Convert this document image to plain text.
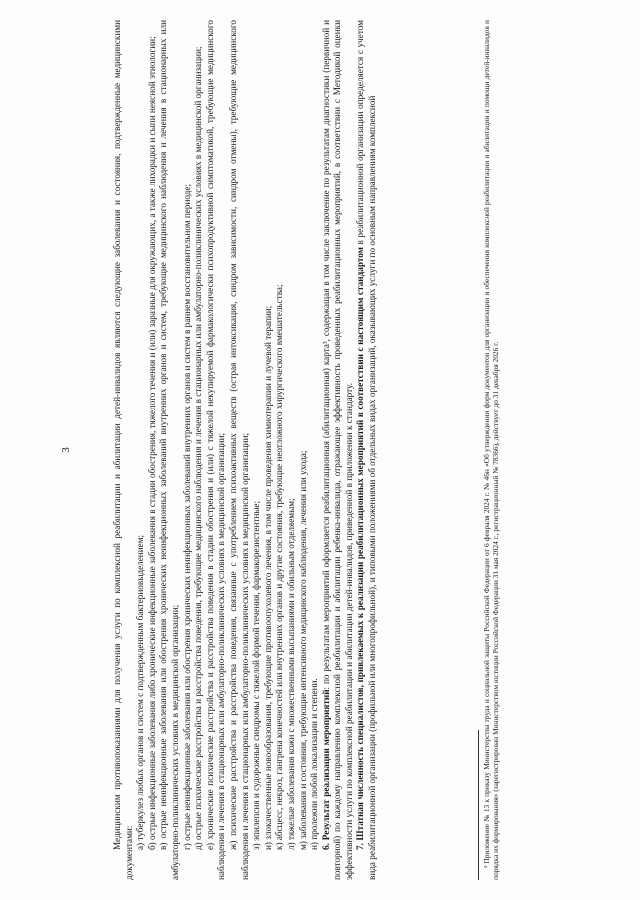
3	Медицинским противопоказаниями для получения услуги по комплексной реабилитации и абилитации детей-инвалидов являются следующие заболевания и состояния, подтвержденные медицинскими документами:

а) туберкулез любых органов и систем с подтвержденным бактериовыделением; б) острые инфекционные заболевания либо хронические инфекционные заболевания в стадии обострения, тяжелого течения и (или) заразные для окружающих, а также лихорадки и сыпи неясной этиологии; в) острые неинфекционные заболевания или обострения хронических неинфекционных заболеваний внутренних органов и систем, требующие медицинского наблюдения и лечения в стационарных или амбулаторно-поликлинических условиях в медицинской организации; г) острые неинфекционные заболевания или обострения хронических неинфекционных заболеваний внутренних органов и систем в раннем восстановительном периоде; д) острые психические расстройства и расстройства поведения, требующие медицинского наблюдения и лечения в стационарных или амбулаторно-поликлинических условиях в медицинской организации; е) хронические психические расстройства и расстройства поведения в стадии обострения и (или) с тяжелой некупируемой фармакологически психопродуктивной симптоматикой, требующие медицинского наблюдения и лечения в стационарных или амбулаторно-поликлинических условиях в медицинской организации; ж) психические расстройства и расстройства поведения, связанные с употреблением психоактивных веществ (острая интоксикация, синдром зависимости, синдром отмены), требующие медицинского наблюдения и лечения в стационарных или амбулаторно-поликлинических условиях в медицинской организации; з) эпилепсия и судорожные синдромы с тяжелой формой течения, фармакорезистентные; и) злокачественные новообразования, требующие противоопухолевого лечения, в том числе проведения химиотерапии и лучевой терапии; к) абсцесс, некроз, гангрена конечностей или внутренних органов и другие состояния, требующие неотложного хирургического вмешательства; л) тяжелые заболевания кожи с множественными высыпаниями и обильным отделяемым; м) заболевания и состояния, требующие интенсивного медицинского наблюдения, лечения или ухода; н) пролежни любой локализации и степени. 6. Результат реализации мероприятий: по результатам мероприятий оформляется реабилитационная (абилитационная) карта³, содержащая в том числе заключение по результатам диагностики (первичной и повторной) по каждому направлению комплексной реабилитации и абилитации ребенка-инвалида, отражающее эффективность проведенных реабилитационных мероприятий, в соответствии с Методикой оценки эффективности услуги по комплексной реабилитации и абилитации детей-инвалидов, приведенной в приложении к стандарту. 7. Штатная численность специалистов, привлекаемых к реализации реабилитационных мероприятий в соответствии с настоящим стандартом в реабилитационной организации определяется с учетом вида реабилитационной организации (профильной или многопрофильной), и типовыми положениями об отдельных видах организаций, оказывающих услуги по основным направлениям комплексной	³ Приложение № 13 к приказу Министерства труда и социальной защиты Российской Федерации от 6 февраля 2024 г. № 46н «Об утверждении форм документов для организации и обеспечения комплексной реабилитации и абилитации и помощи детей-инвалидов и порядка их формирования» (зарегистрирован Министерством юстиции Российской Федерации 31 мая 2024 г., регистрационный № 78366), действует до 31 декабря 2026 г.
